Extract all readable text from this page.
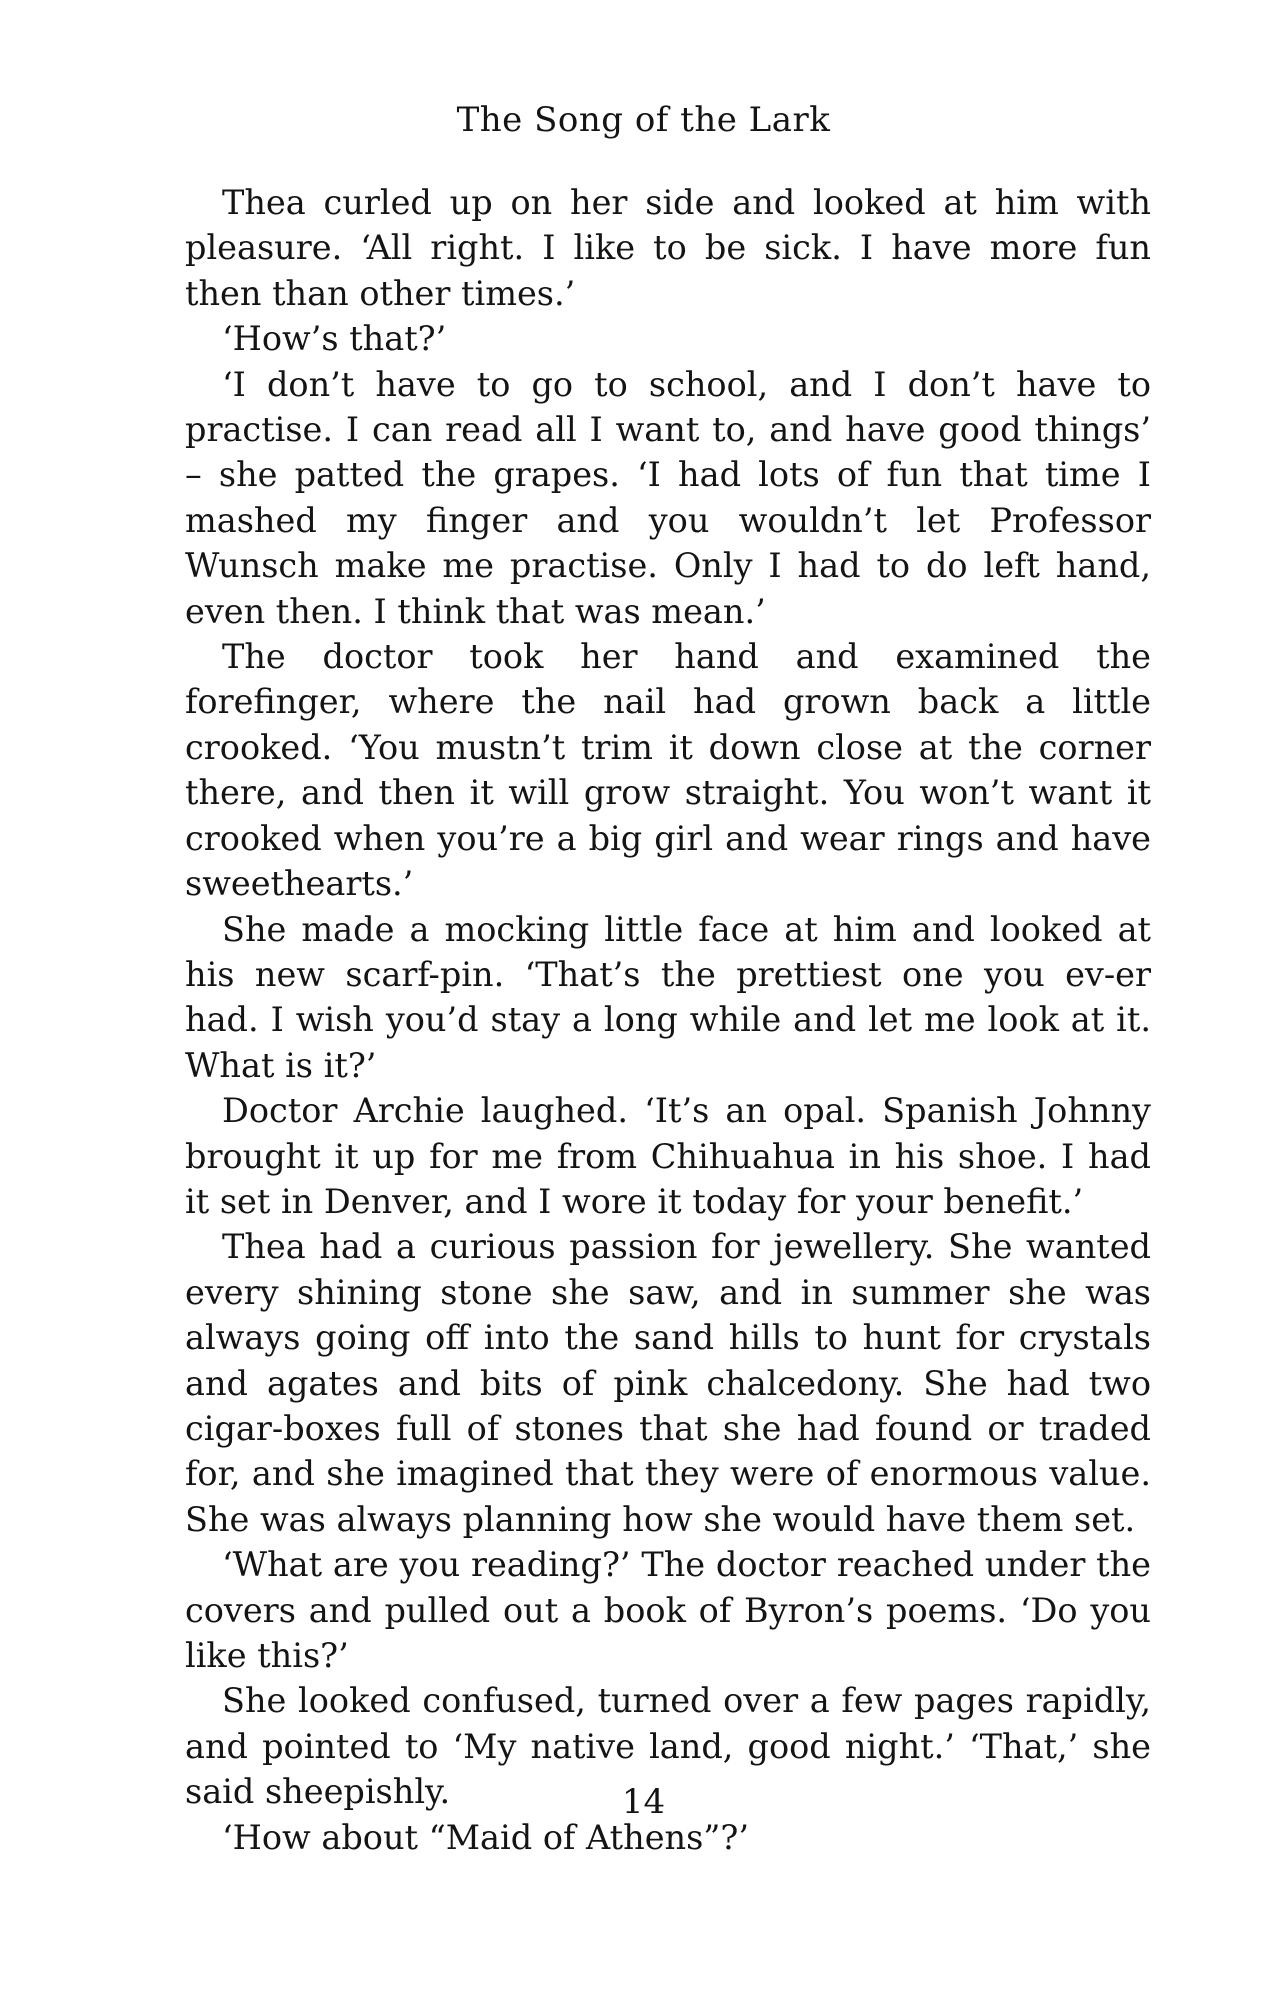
The Song of the Lark

Thea curled up on her side and looked at him with pleasure. ‘All right. I like to be sick. I have more fun then than other times.’

‘How’s that?’

‘I don’t have to go to school, and I don’t have to practise. I can read all I want to, and have good things’ – she patted the grapes. ‘I had lots of fun that time I mashed my finger and you wouldn’t let Professor Wunsch make me practise. Only I had to do left hand, even then. I think that was mean.’

The doctor took her hand and examined the forefinger, where the nail had grown back a little crooked. ‘You mustn’t trim it down close at the corner there, and then it will grow straight. You won’t want it crooked when you’re a big girl and wear rings and have sweethearts.’

She made a mocking little face at him and looked at his new scarf-pin. ‘That’s the prettiest one you ev-er had. I wish you’d stay a long while and let me look at it. What is it?’

Doctor Archie laughed. ‘It’s an opal. Spanish Johnny brought it up for me from Chihuahua in his shoe. I had it set in Denver, and I wore it today for your benefit.’

Thea had a curious passion for jewellery. She wanted every shining stone she saw, and in summer she was always going off into the sand hills to hunt for crystals and agates and bits of pink chalcedony. She had two cigar-boxes full of stones that she had found or traded for, and she imagined that they were of enormous value. She was always planning how she would have them set.

‘What are you reading?’ The doctor reached under the covers and pulled out a book of Byron’s poems. ‘Do you like this?’

She looked confused, turned over a few pages rapidly, and pointed to ‘My native land, good night.’ ‘That,’ she said sheepishly.

‘How about “Maid of Athens”?’

14
